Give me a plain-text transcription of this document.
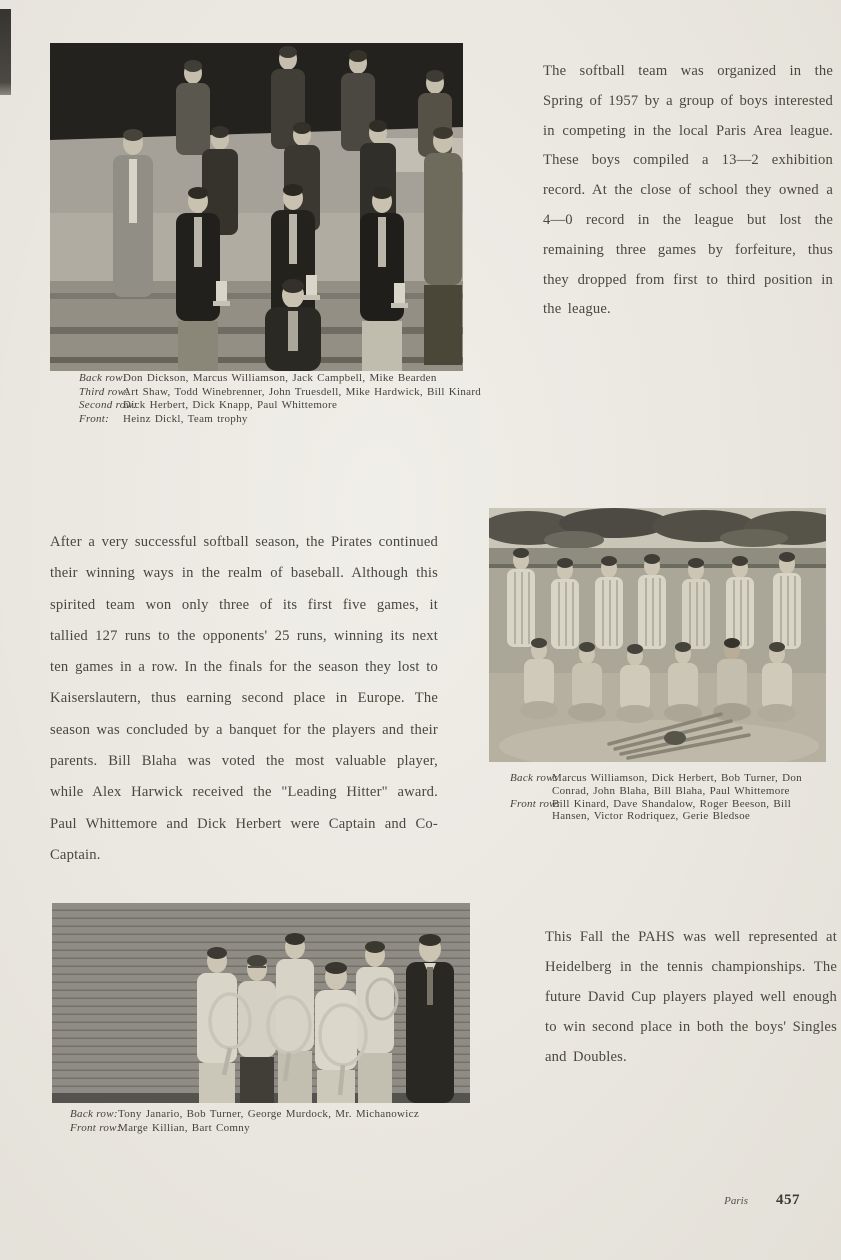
The softball team was organized in the Spring of 1957 by a group of boys interested in competing in the local Paris Area league. These boys compiled a 13—2 exhibition record. At the close of school they owned a 4—0 record in the league but lost the remaining three games by forfeiture, thus they dropped from first to third position in the league.

Back row:
Don Dickson, Marcus Williamson, Jack Campbell, Mike Bearden
Third row:
Art Shaw, Todd Winebrenner, John Truesdell, Mike Hardwick, Bill Kinard
Second row:
Dick Herbert, Dick Knapp, Paul Whittemore
Front:	Heinz Dickl, Team trophy

After a very successful softball season, the Pirates continued their winning ways in the realm of baseball. Although this spirited team won only three of its first five games, it tallied 127 runs to the opponents' 25 runs, winning its next ten games in a row. In the finals for the season they lost to Kaiserslautern, thus earning second place in Europe. The season was concluded by a banquet for the players and their parents. Bill Blaha was voted the most valuable player, while Alex Harwick received the "Leading Hitter" award. Paul Whittemore and Dick Herbert were Captain and Co-Captain.

Back row:
Marcus Williamson, Dick Herbert, Bob Turner, Don Conrad, John Blaha, Bill Blaha, Paul Whittemore
Front row:
Bill Kinard, Dave Shandalow, Roger Beeson, Bill Hansen, Victor Rodriquez, Gerie Bledsoe

This Fall the PAHS was well represented at Heidelberg in the tennis championships. The future David Cup players played well enough to win second place in both the boys' Singles and Doubles.

Back row: Tony Janario, Bob Turner, George Murdock, Mr. Michanowicz
Front row:
Marge Killian, Bart Comny
Paris 457
